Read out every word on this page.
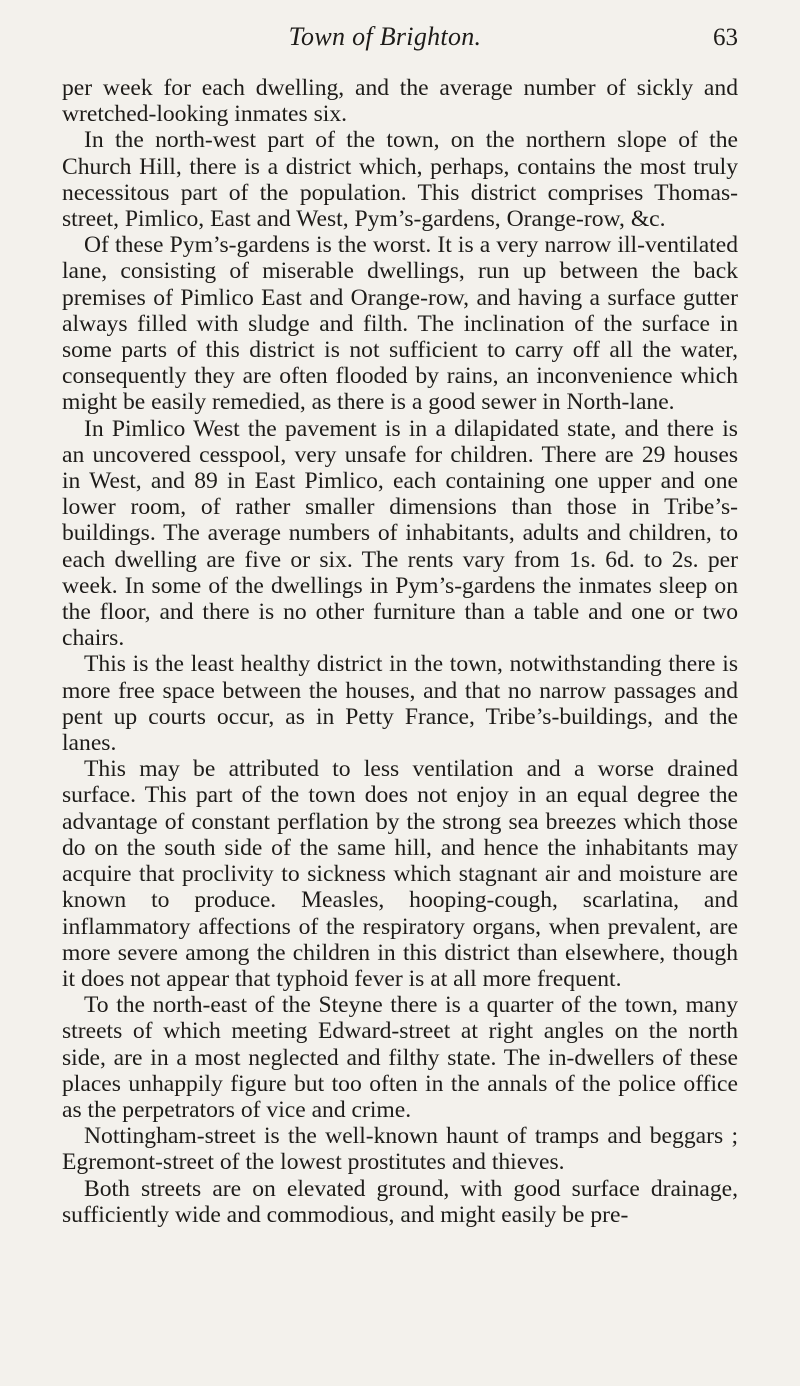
Town of Brighton.	63

per week for each dwelling, and the average number of sickly and wretched-looking inmates six.

In the north-west part of the town, on the northern slope of the Church Hill, there is a district which, perhaps, contains the most truly necessitous part of the population. This district comprises Thomas-street, Pimlico, East and West, Pym’s-gardens, Orange-row, &c.

Of these Pym’s-gardens is the worst. It is a very narrow ill-ventilated lane, consisting of miserable dwellings, run up between the back premises of Pimlico East and Orange-row, and having a surface gutter always filled with sludge and filth. The inclination of the surface in some parts of this district is not sufficient to carry off all the water, consequently they are often flooded by rains, an inconvenience which might be easily remedied, as there is a good sewer in North-lane.

In Pimlico West the pavement is in a dilapidated state, and there is an uncovered cesspool, very unsafe for children. There are 29 houses in West, and 89 in East Pimlico, each containing one upper and one lower room, of rather smaller dimensions than those in Tribe’s-buildings. The average numbers of inhabitants, adults and children, to each dwelling are five or six. The rents vary from 1s. 6d. to 2s. per week. In some of the dwellings in Pym’s-gardens the inmates sleep on the floor, and there is no other furniture than a table and one or two chairs.

This is the least healthy district in the town, notwithstanding there is more free space between the houses, and that no narrow passages and pent up courts occur, as in Petty France, Tribe’s-buildings, and the lanes.

This may be attributed to less ventilation and a worse drained surface. This part of the town does not enjoy in an equal degree the advantage of constant perflation by the strong sea breezes which those do on the south side of the same hill, and hence the inhabitants may acquire that proclivity to sickness which stagnant air and moisture are known to produce. Measles, hooping-cough, scarlatina, and inflammatory affections of the respiratory organs, when prevalent, are more severe among the children in this district than elsewhere, though it does not appear that typhoid fever is at all more frequent.

To the north-east of the Steyne there is a quarter of the town, many streets of which meeting Edward-street at right angles on the north side, are in a most neglected and filthy state. The in-dwellers of these places unhappily figure but too often in the annals of the police office as the perpetrators of vice and crime.

Nottingham-street is the well-known haunt of tramps and beggars ; Egremont-street of the lowest prostitutes and thieves.

Both streets are on elevated ground, with good surface drainage, sufficiently wide and commodious, and might easily be pre-
